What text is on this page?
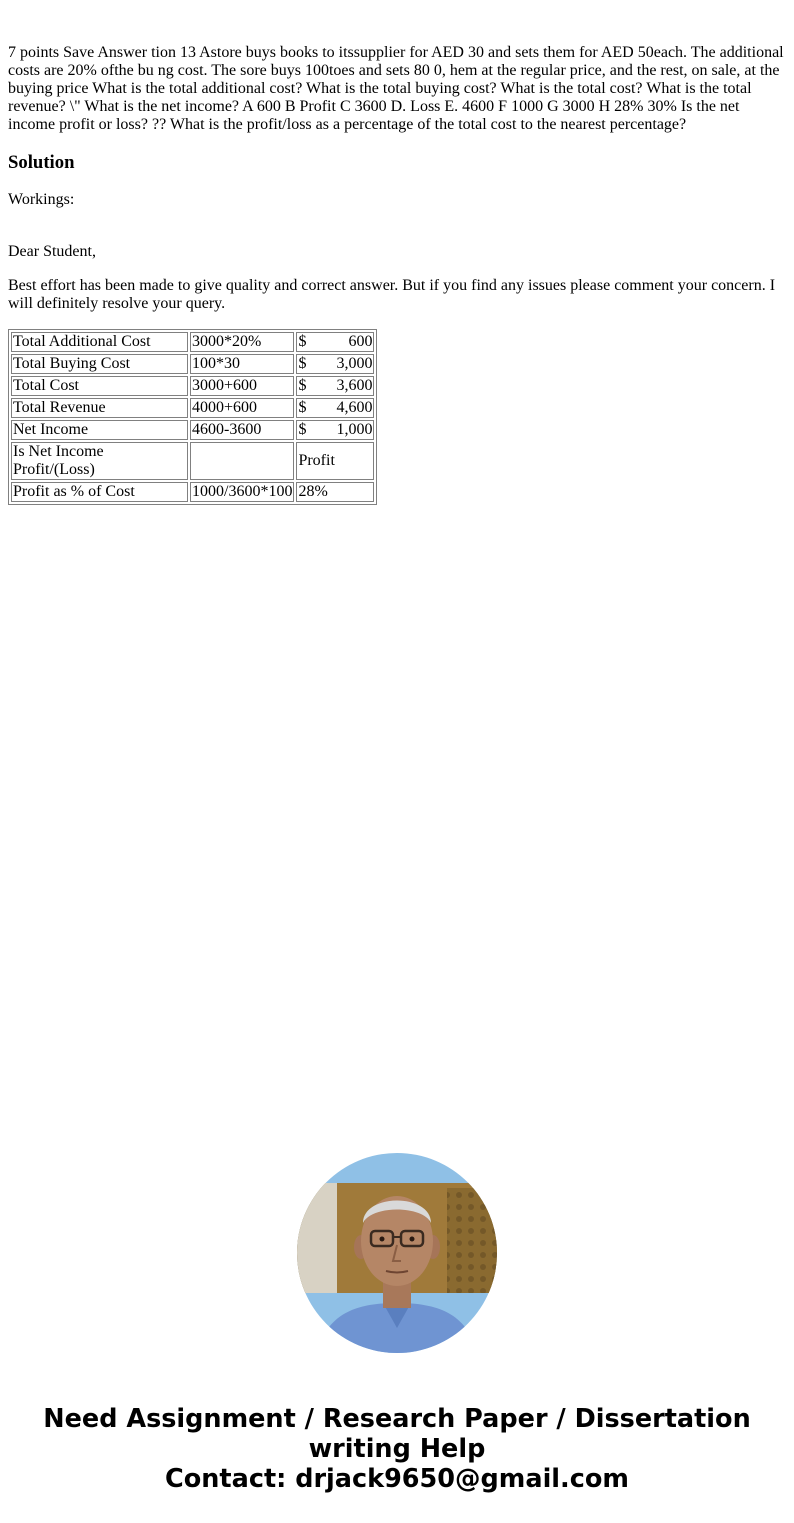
7 points Save Answer tion 13 Astore buys books to itssupplier for AED 30 and sets them for AED 50each. The additional costs are 20% ofthe bu ng cost. The sore buys 100toes and sets 80 0, hem at the regular price, and the rest, on sale, at the buying price What is the total additional cost? What is the total buying cost? What is the total cost? What is the total revenue? \" What is the net income? A 600 B Profit C 3600 D. Loss E. 4600 F 1000 G 3000 H 28% 30% Is the net income profit or loss? ?? What is the profit/loss as a percentage of the total cost to the nearest percentage?

Solution

Workings:

Dear Student,

Best effort has been made to give quality and correct answer. But if you find any issues please comment your concern. I will definitely resolve your query.

Total Additional Cost	3000*20%	$ 600

Total Buying Cost	100*30	$ 3,000

Total Cost	3000+600	$ 3,600

Total Revenue	4000+600	$ 4,600

Net Income	4600-3600	$ 1,000

Is Net Income Profit/(Loss)		Profit
Profit as % of Cost	1000/3600*100	28%
Need Assignment / Research Paper / Dissertation
writing Help
Contact: drjack9650@gmail.com
